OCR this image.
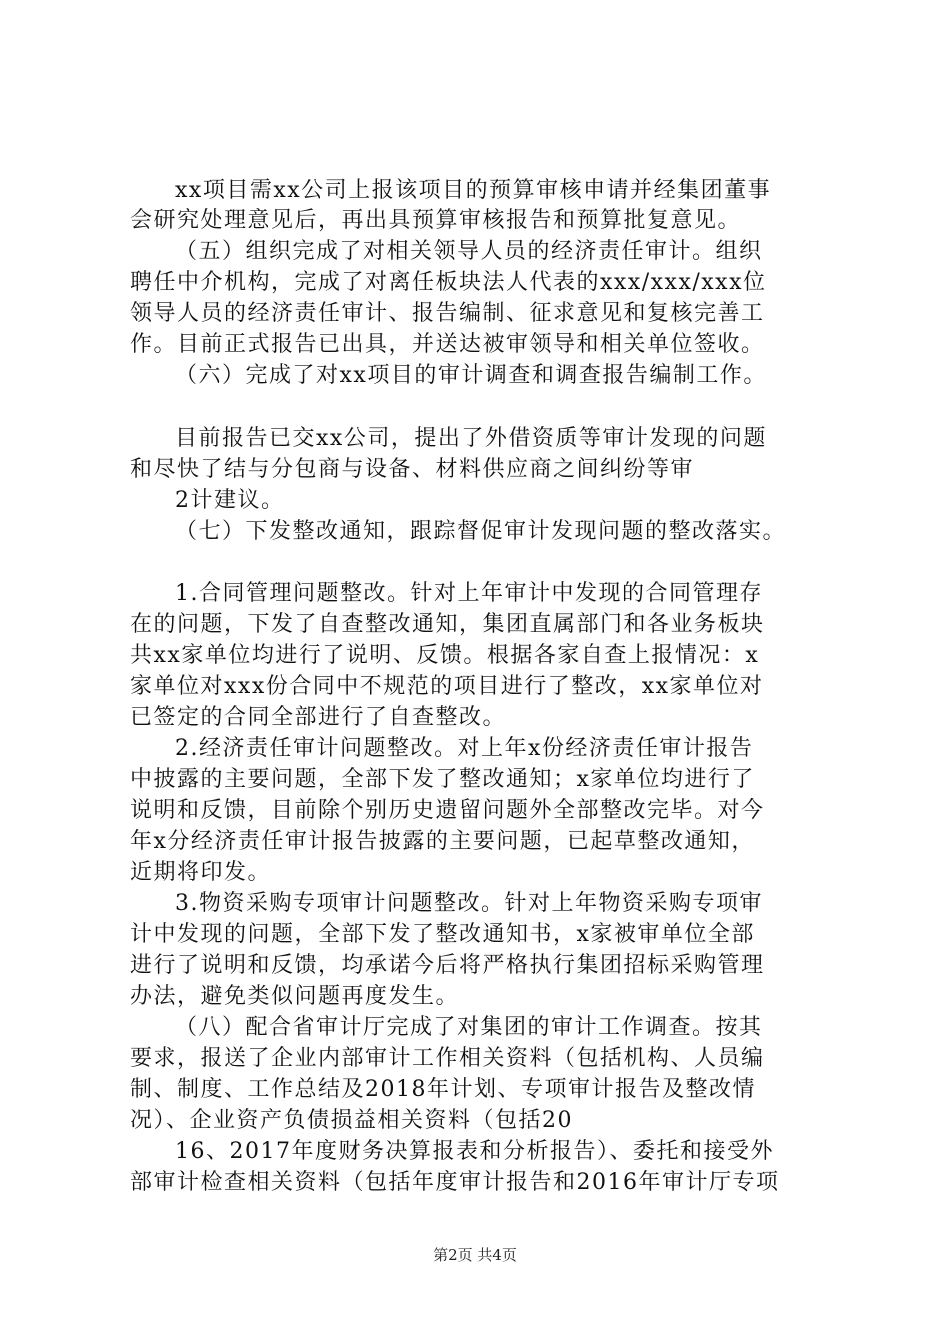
xx项目需xx公司上报该项目的预算审核申请并经集团董事
会研究处理意见后，再出具预算审核报告和预算批复意见。
（五）组织完成了对相关领导人员的经济责任审计。组织
聘任中介机构，完成了对离任板块法人代表的xxx/xxx/xxx位
领导人员的经济责任审计、报告编制、征求意见和复核完善工
作。目前正式报告已出具，并送达被审领导和相关单位签收。
（六）完成了对xx项目的审计调查和调查报告编制工作。
目前报告已交xx公司，提出了外借资质等审计发现的问题
和尽快了结与分包商与设备、材料供应商之间纠纷等审
2计建议。
（七）下发整改通知，跟踪督促审计发现问题的整改落实。
1.合同管理问题整改。针对上年审计中发现的合同管理存
在的问题，下发了自查整改通知，集团直属部门和各业务板块
共xx家单位均进行了说明、反馈。根据各家自查上报情况：x
家单位对xxx份合同中不规范的项目进行了整改，xx家单位对
已签定的合同全部进行了自查整改。
2.经济责任审计问题整改。对上年x份经济责任审计报告
中披露的主要问题，全部下发了整改通知；x家单位均进行了
说明和反馈，目前除个别历史遗留问题外全部整改完毕。对今
年x分经济责任审计报告披露的主要问题，已起草整改通知，
近期将印发。
3.物资采购专项审计问题整改。针对上年物资采购专项审
计中发现的问题，全部下发了整改通知书，x家被审单位全部
进行了说明和反馈，均承诺今后将严格执行集团招标采购管理
办法，避免类似问题再度发生。
（八）配合省审计厅完成了对集团的审计工作调查。按其
要求，报送了企业内部审计工作相关资料（包括机构、人员编
制、制度、工作总结及2018年计划、专项审计报告及整改情
况）、企业资产负债损益相关资料（包括20
16、2017年度财务决算报表和分析报告）、委托和接受外
部审计检查相关资料（包括年度审计报告和2016年审计厅专项
第2页 共4页
